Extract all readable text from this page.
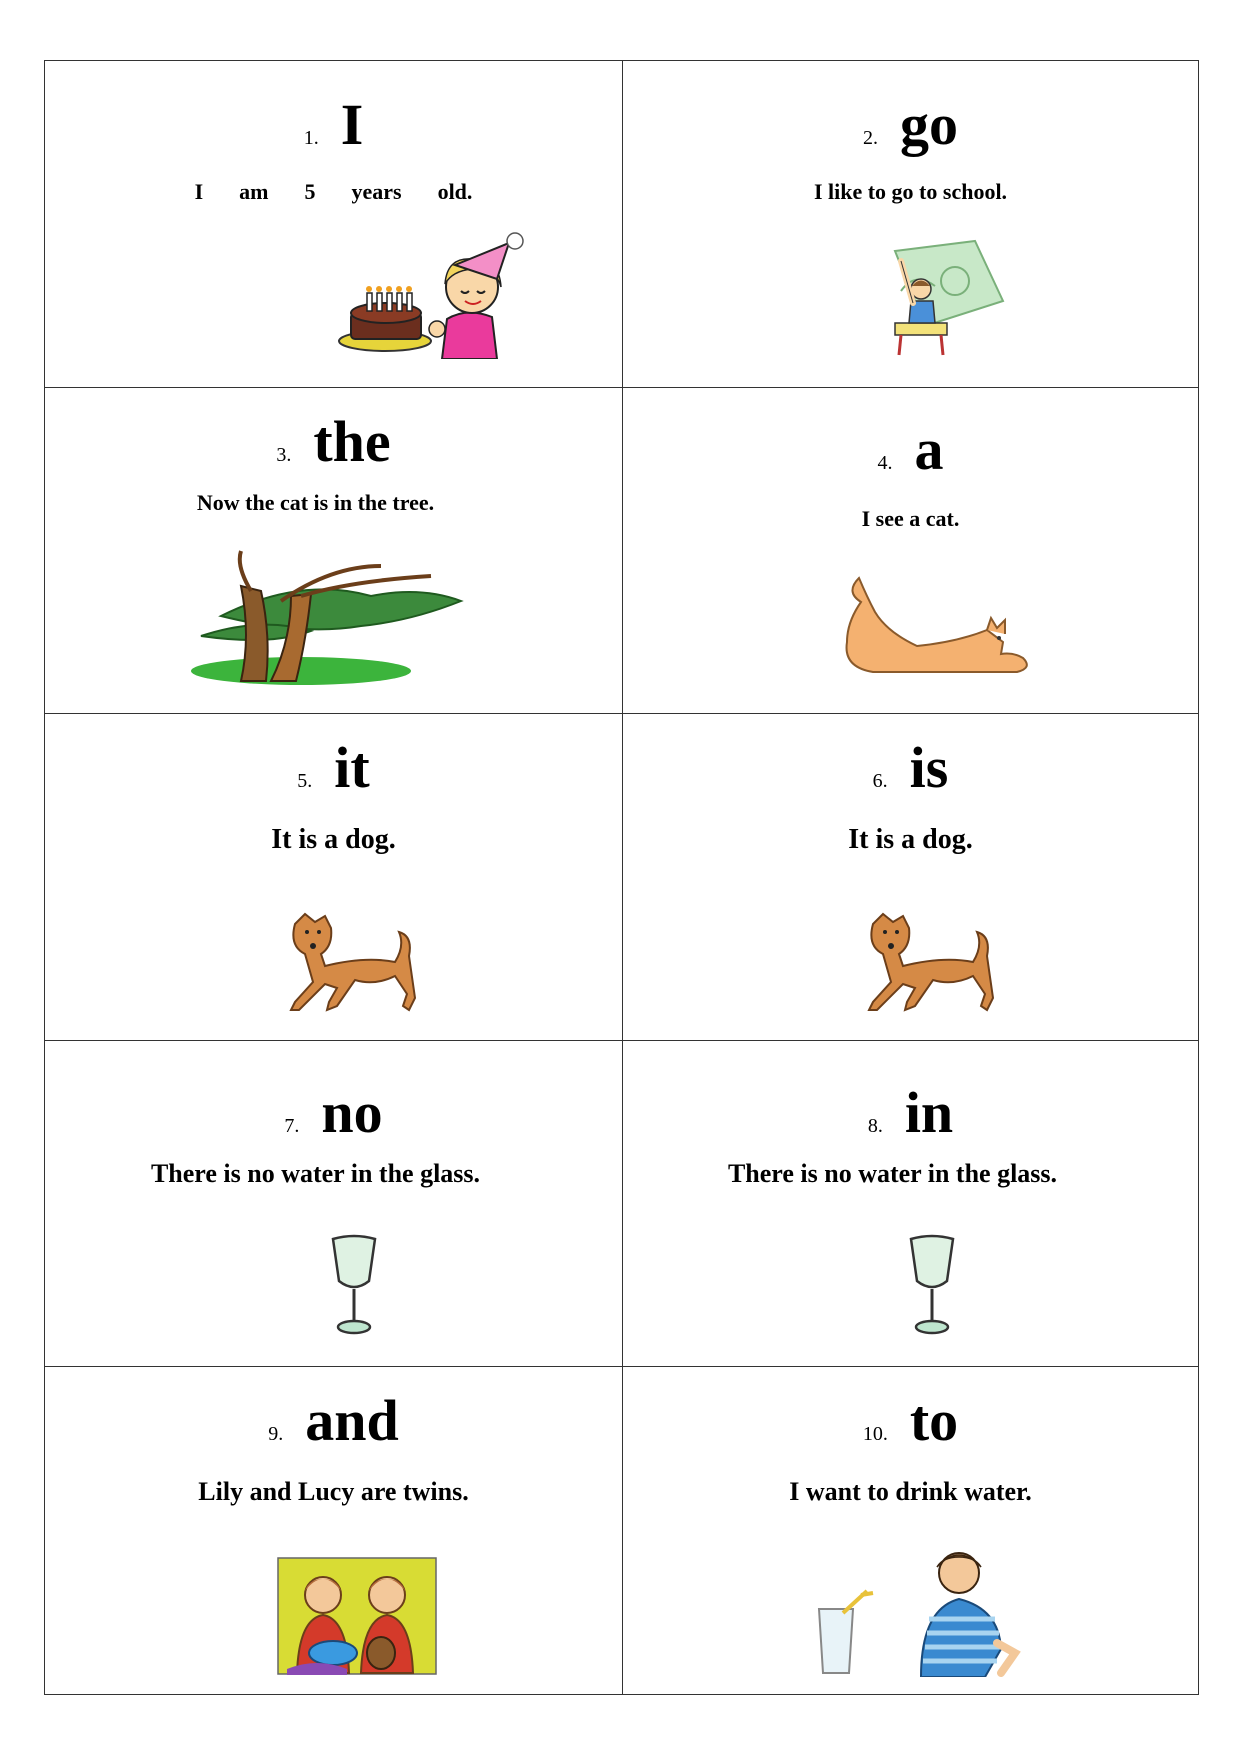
1. I
I am 5 years old.
2. go
I like to go to school.
3. the
Now the cat is in the tree.
4. a
I see a cat.
5. it
It is a dog.
6. is
It is a dog.
7. no
There is no water in the glass.
8. in
There is no water in the glass.
9. and
Lily and Lucy are twins.
10. to
I want to drink water.
